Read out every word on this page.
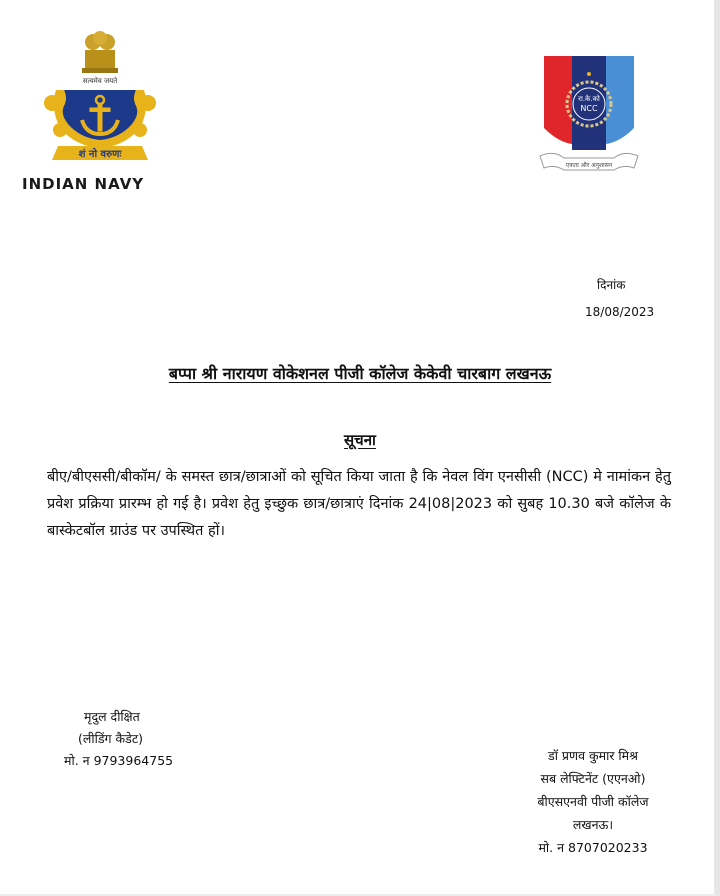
सत्यमेव जयते
शं नो वरुणः
INDIAN NAVY
रा.के.को
NCC
एकता और अनुशासन
दिनांक
18/08/2023
बप्पा श्री नारायण वोकेशनल पीजी कॉलेज केकेवी चारबाग लखनऊ
सूचना
बीए/बीएससी/बीकॉम/ के समस्त छात्र/छात्राओं को सूचित किया जाता है कि नेवल विंग एनसीसी (NCC) मे नामांकन हेतु प्रवेश प्रक्रिया प्रारम्भ हो गई है। प्रवेश हेतु इच्छुक छात्र/छात्राएं दिनांक 24|08|2023 को सुबह 10.30 बजे कॉलेज के बास्केटबॉल ग्राउंड पर उपस्थित हों।
मृदुल दीक्षित
(लीडिंग कैडेट)
मो. न 9793964755	डॉ प्रणव कुमार मिश्र
सब लेफ्टिनेंट (एएनओ)
बीएसएनवी पीजी कॉलेज
लखनऊ।
मो. न 8707020233
